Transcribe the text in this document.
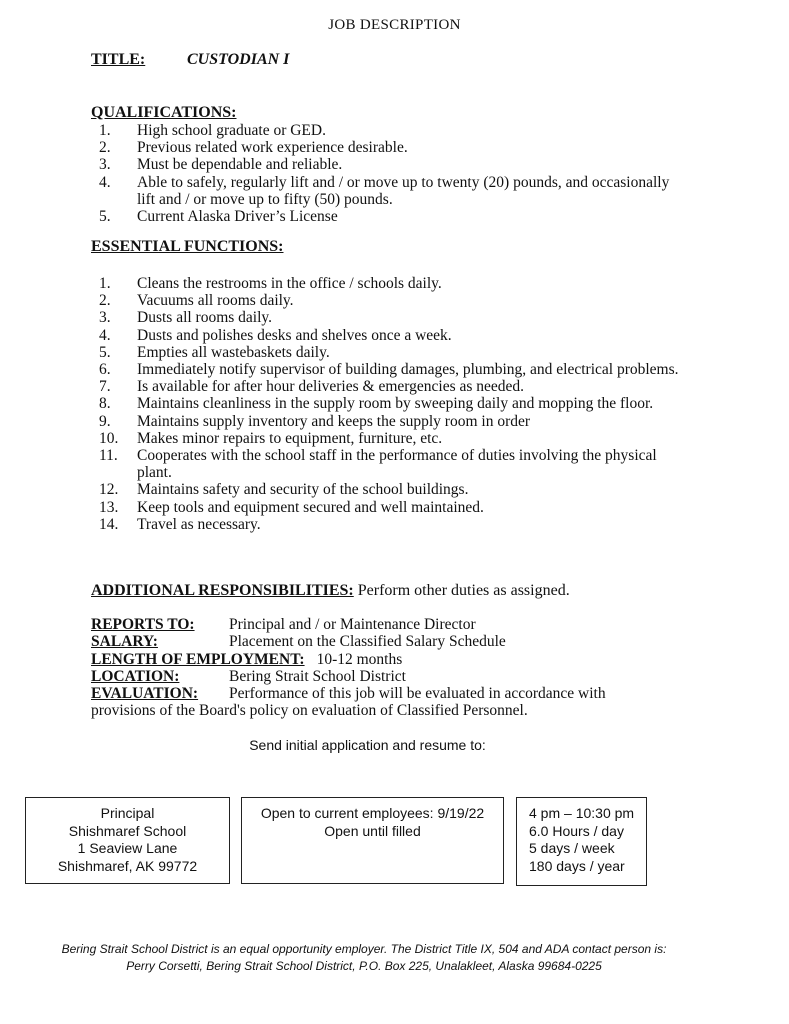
JOB DESCRIPTION
TITLE:	CUSTODIAN I
QUALIFICATIONS:
1.	High school graduate or GED.
2.	Previous related work experience desirable.
3.	Must be dependable and reliable.
4.	Able to safely, regularly lift and / or move up to twenty (20) pounds, and occasionally lift and / or move up to fifty (50) pounds.
5.	Current Alaska Driver’s License
ESSENTIAL FUNCTIONS:
1.	Cleans the restrooms in the office / schools daily.
2.	Vacuums all rooms daily.
3.	Dusts all rooms daily.
4.	Dusts and polishes desks and shelves once a week.
5.	Empties all wastebaskets daily.
6.	Immediately notify supervisor of building damages, plumbing, and electrical problems.
7.	Is available for after hour deliveries & emergencies as needed.
8.	Maintains cleanliness in the supply room by sweeping daily and mopping the floor.
9.	Maintains supply inventory and keeps the supply room in order
10.	Makes minor repairs to equipment, furniture, etc.
11.	Cooperates with the school staff in the performance of duties involving the physical plant.
12.	Maintains safety and security of the school buildings.
13.	Keep tools and equipment secured and well maintained.
14.	Travel as necessary.
ADDITIONAL RESPONSIBILITIES: Perform other duties as assigned.
REPORTS TO:	Principal and / or Maintenance Director
SALARY:	Placement on the Classified Salary Schedule
LENGTH OF EMPLOYMENT: 10-12 months
LOCATION:	Bering Strait School District
EVALUATION:	Performance of this job will be evaluated in accordance with
provisions of the Board's policy on evaluation of Classified Personnel.
Send initial application and resume to:
Principal
Shishmaref School
1 Seaview Lane
Shishmaref, AK 99772
Open to current employees: 9/19/22
Open until filled
4 pm – 10:30 pm
6.0 Hours / day
5 days / week
180 days / year
Bering Strait School District is an equal opportunity employer. The District Title IX, 504 and ADA contact person is:
Perry Corsetti, Bering Strait School District, P.O. Box 225, Unalakleet, Alaska 99684-0225
